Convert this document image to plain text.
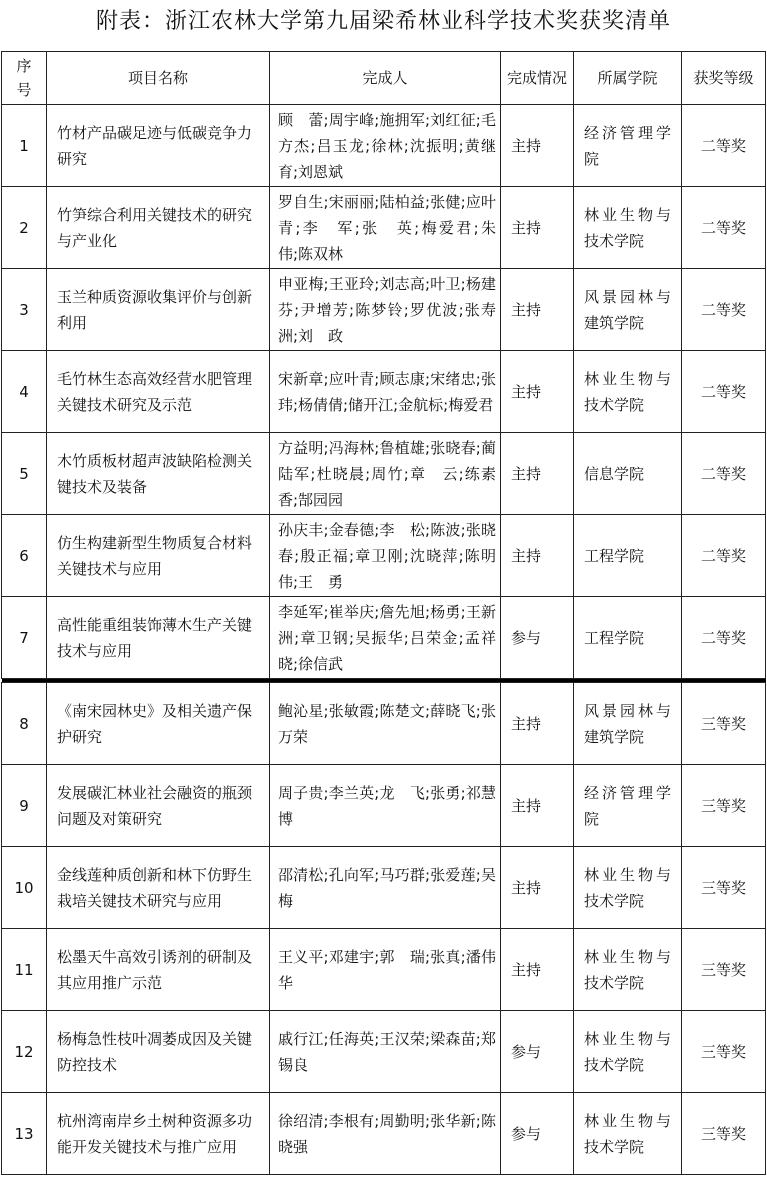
附表：浙江农林大学第九届梁希林业科学技术奖获奖清单
序号	项目名称	完成人	完成情况	所属学院	获奖等级

1	竹材产品碳足迹与低碳竞争力研究	顾　蕾;周宇峰;施拥军;刘红征;毛方杰;吕玉龙;徐林;沈振明;黄继育;刘恩斌	主持	经济管理学院	二等奖
2	竹笋综合利用关键技术的研究与产业化	罗自生;宋丽丽;陆柏益;张健;应叶青;李　军;张　英;梅爱君;朱　伟;陈双林	主持	林业生物与技术学院	二等奖
3	玉兰种质资源收集评价与创新利用	申亚梅;王亚玲;刘志高;叶卫;杨建芬;尹增芳;陈梦铃;罗优波;张寿洲;刘　政	主持	风景园林与建筑学院	二等奖
4	毛竹林生态高效经营水肥管理关键技术研究及示范	宋新章;应叶青;顾志康;宋绪忠;张　玮;杨倩倩;储开江;金航标;梅爱君	主持	林业生物与技术学院	二等奖
5	木竹质板材超声波缺陷检测关键技术及装备	方益明;冯海林;鲁植雄;张晓春;蔺陆军;杜晓晨;周竹;章　云;练素香;郜园园	主持	信息学院	二等奖
6	仿生构建新型生物质复合材料关键技术与应用	孙庆丰;金春德;李　松;陈波;张晓春;殷正福;章卫刚;沈晓萍;陈明伟;王　勇	主持	工程学院	二等奖
7	高性能重组装饰薄木生产关键技术与应用	李延军;崔举庆;詹先旭;杨勇;王新洲;章卫钢;吴振华;吕荣金;孟祥晓;徐信武	参与	工程学院	二等奖

8	《南宋园林史》及相关遗产保护研究	鲍沁星;张敏霞;陈楚文;薛晓飞;张万荣	主持	风景园林与建筑学院	三等奖
9	发展碳汇林业社会融资的瓶颈问题及对策研究	周子贵;李兰英;龙　飞;张勇;祁慧博	主持	经济管理学院	三等奖
10	金线莲种质创新和林下仿野生栽培关键技术研究与应用	邵清松;孔向军;马巧群;张爱莲;吴　梅	主持	林业生物与技术学院	三等奖
11	松墨天牛高效引诱剂的研制及其应用推广示范	王义平;邓建宇;郭　瑞;张真;潘伟华	主持	林业生物与技术学院	三等奖
12	杨梅急性枝叶凋萎成因及关键防控技术	戚行江;任海英;王汉荣;梁森苗;郑锡良	参与	林业生物与技术学院	三等奖
13	杭州湾南岸乡土树种资源多功能开发关键技术与推广应用	徐绍清;李根有;周勤明;张华新;陈晓强	参与	林业生物与技术学院	三等奖
